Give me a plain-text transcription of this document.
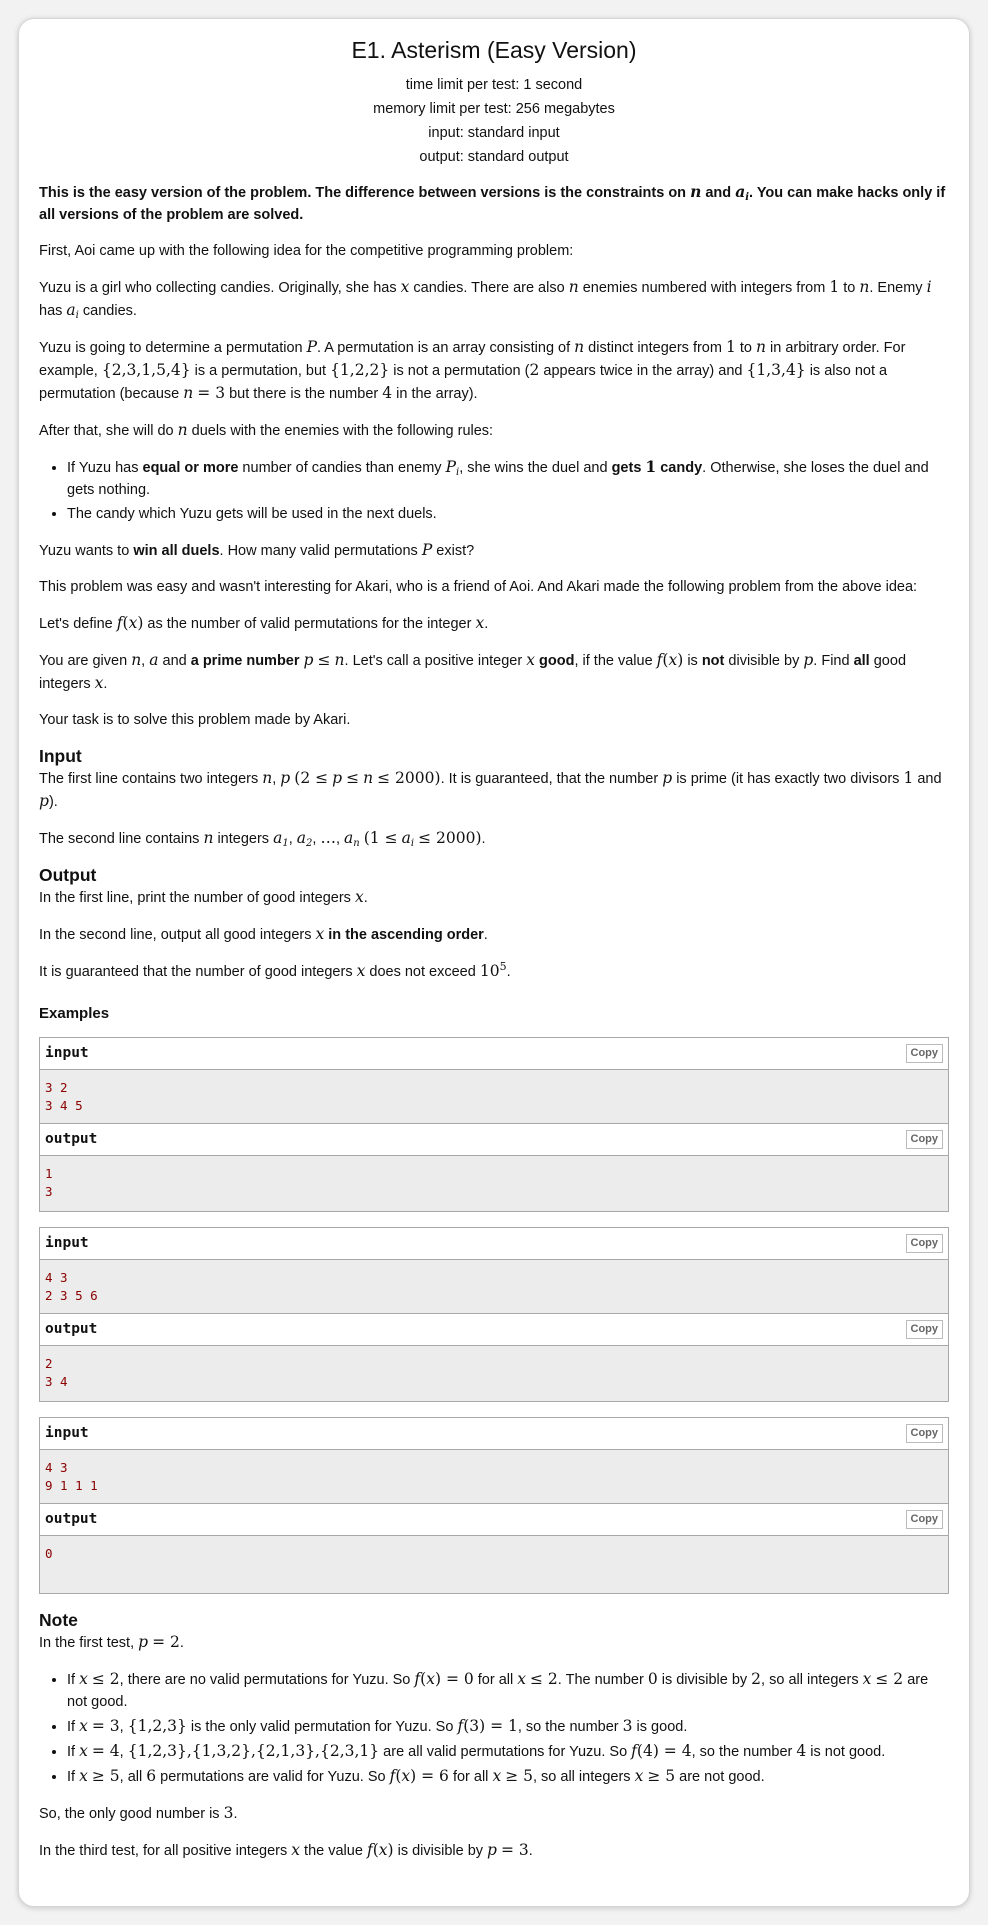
E1. Asterism (Easy Version)
time limit per test: 1 second
memory limit per test: 256 megabytes
input: standard input
output: standard output

This is the easy version of the problem. The difference between versions is the constraints on n and $a_i$. You can make hacks only if all versions of the problem are solved.

First, Aoi came up with the following idea for the competitive programming problem:

Yuzu is a girl who collecting candies. Originally, she has x candies. There are also n enemies numbered with integers from 1 to n. Enemy i has $a_i$ candies.

Yuzu is going to determine a permutation P. A permutation is an array consisting of n distinct integers from 1 to n in arbitrary order. For example, {2,3,1,5,4} is a permutation, but {1,2,2} is not a permutation (2 appears twice in the array) and {1,3,4} is also not a permutation (because n = 3 but there is the number 4 in the array).

After that, she will do n duels with the enemies with the following rules:

• If Yuzu has equal or more number of candies than enemy $P_i$, she wins the duel and gets 1 candy. Otherwise, she loses the duel and gets nothing.
• The candy which Yuzu gets will be used in the next duels.

Yuzu wants to win all duels. How many valid permutations P exist?

This problem was easy and wasn't interesting for Akari, who is a friend of Aoi. And Akari made the following problem from the above idea:

Let's define f(x) as the number of valid permutations for the integer x.

You are given n, a and a prime number p ≤ n. Let's call a positive integer x good, if the value f(x) is not divisible by p. Find all good integers x.

Your task is to solve this problem made by Akari.

Input

The first line contains two integers n, p (2 ≤ p ≤ n ≤ 2000). It is guaranteed, that the number p is prime (it has exactly two divisors 1 and p).

The second line contains n integers $a_1$, $a_2$, …, $a_n$ $(1 \le a_i \le 2000)$.

Output

In the first line, print the number of good integers x.

In the second line, output all good integers x in the ascending order.

It is guaranteed that the number of good integers x does not exceed $10^5$.

Examples
input	Copy
3 2
3 4 5
output	Copy
1
3
input	Copy
4 3
2 3 5 6
output	Copy
2
3 4
input	Copy
4 3
9 1 1 1
output	Copy
0
Note

In the first test, p = 2.

• If x ≤ 2, there are no valid permutations for Yuzu. So f(x) = 0 for all x ≤ 2. The number 0 is divisible by 2, so all integers x ≤ 2 are not good.
• If x = 3, {1,2,3} is the only valid permutation for Yuzu. So f(3) = 1, so the number 3 is good.
• If x = 4, {1,2,3},{1,3,2},{2,1,3},{2,3,1} are all valid permutations for Yuzu. So f(4) = 4, so the number 4 is not good.
• If x ≥ 5, all 6 permutations are valid for Yuzu. So f(x) = 6 for all x ≥ 5, so all integers x ≥ 5 are not good.

So, the only good number is 3.

In the third test, for all positive integers x the value f(x) is divisible by p = 3.
